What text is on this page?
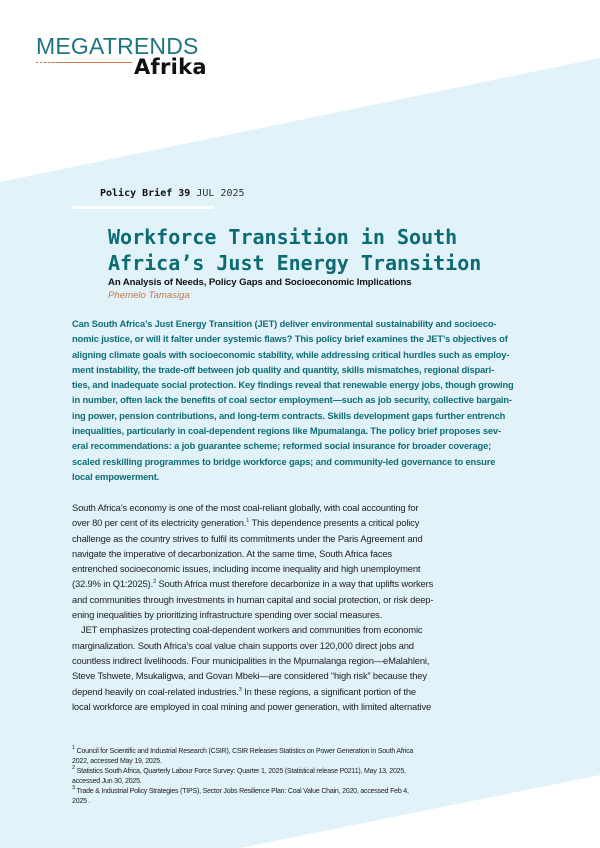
MEGATRENDS
Afrika
Policy Brief 39 JUL 2025
Workforce Transition in South
Africa’s Just Energy Transition
An Analysis of Needs, Policy Gaps and Socioeconomic Implications
Phemelo Tamasiga
Can South Africa’s Just Energy Transition (JET) deliver environmental sustainability and socioeco-
nomic justice, or will it falter under systemic flaws? This policy brief examines the JET’s objectives of
aligning climate goals with socioeconomic stability, while addressing critical hurdles such as employ-
ment instability, the trade-off between job quality and quantity, skills mismatches, regional dispari-
ties, and inadequate social protection. Key findings reveal that renewable energy jobs, though growing
in number, often lack the benefits of coal sector employment—such as job security, collective bargain-
ing power, pension contributions, and long-term contracts. Skills development gaps further entrench
inequalities, particularly in coal-dependent regions like Mpumalanga. The policy brief proposes sev-
eral recommendations: a job guarantee scheme; reformed social insurance for broader coverage;
scaled reskilling programmes to bridge workforce gaps; and community-led governance to ensure
local empowerment.
South Africa’s economy is one of the most coal-reliant globally, with coal accounting for
over 80 per cent of its electricity generation.$^1$ This dependence presents a critical policy
challenge as the country strives to fulfil its commitments under the Paris Agreement and
navigate the imperative of decarbonization. At the same time, South Africa faces
entrenched socioeconomic issues, including income inequality and high unemployment
(32.9% in Q1:2025).$^2$ South Africa must therefore decarbonize in a way that uplifts workers
and communities through investments in human capital and social protection, or risk deep-
ening inequalities by prioritizing infrastructure spending over social measures.
JET emphasizes protecting coal-dependent workers and communities from economic
marginalization. South Africa’s coal value chain supports over 120,000 direct jobs and
countless indirect livelihoods. Four municipalities in the Mpumalanga region—eMalahleni,
Steve Tshwete, Msukaligwa, and Govan Mbeki—are considered “high risk” because they
depend heavily on coal-related industries.$^3$ In these regions, a significant portion of the
local workforce are employed in coal mining and power generation, with limited alternative
$^1$ Council for Scientific and Industrial Research (CSIR), CSIR Releases Statistics on Power Generation in South Africa
2022, accessed May 19, 2025.
$^2$ Statistics South Africa, Quarterly Labour Force Survey: Quarter 1, 2025 (Statistical release P0211), May 13, 2025,
accessed Jun 30, 2025.
$^3$ Trade & Industrial Policy Strategies (TIPS), Sector Jobs Resilience Plan: Coal Value Chain, 2020, accessed Feb 4,
2025 .
